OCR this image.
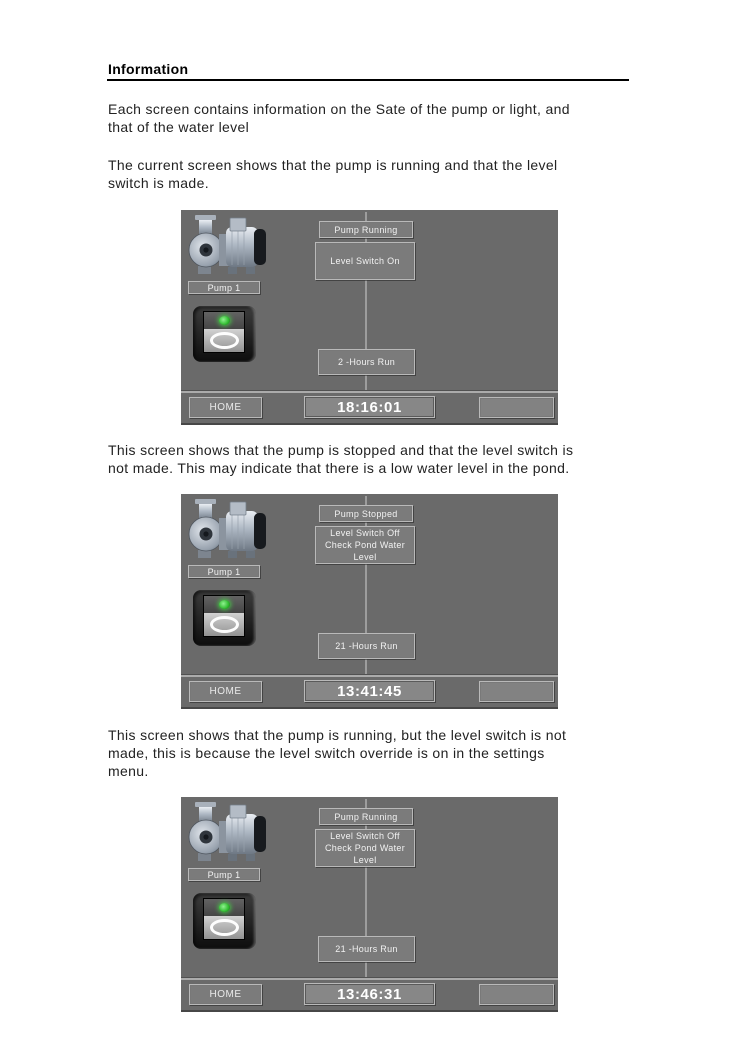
Information
Each screen contains information on the Sate of the pump or light, and
that of the water level
The current screen shows that the pump is running and that the level
switch is made.
Pump Running
Level Switch On
Pump 1
2 -Hours Run
HOME	18:16:01
This screen shows that the pump is stopped and that the level switch is
not made. This may indicate that there is a low water level in the pond.
Pump Stopped
Level Switch Off
Check Pond Water Level
Pump 1
21 -Hours Run
HOME	13:41:45
This screen shows that the pump is running, but the level switch is not
made, this is because the level switch override is on in the settings
menu.
Pump Running
Level Switch Off
Check Pond Water Level
Pump 1
21 -Hours Run
HOME	13:46:31
